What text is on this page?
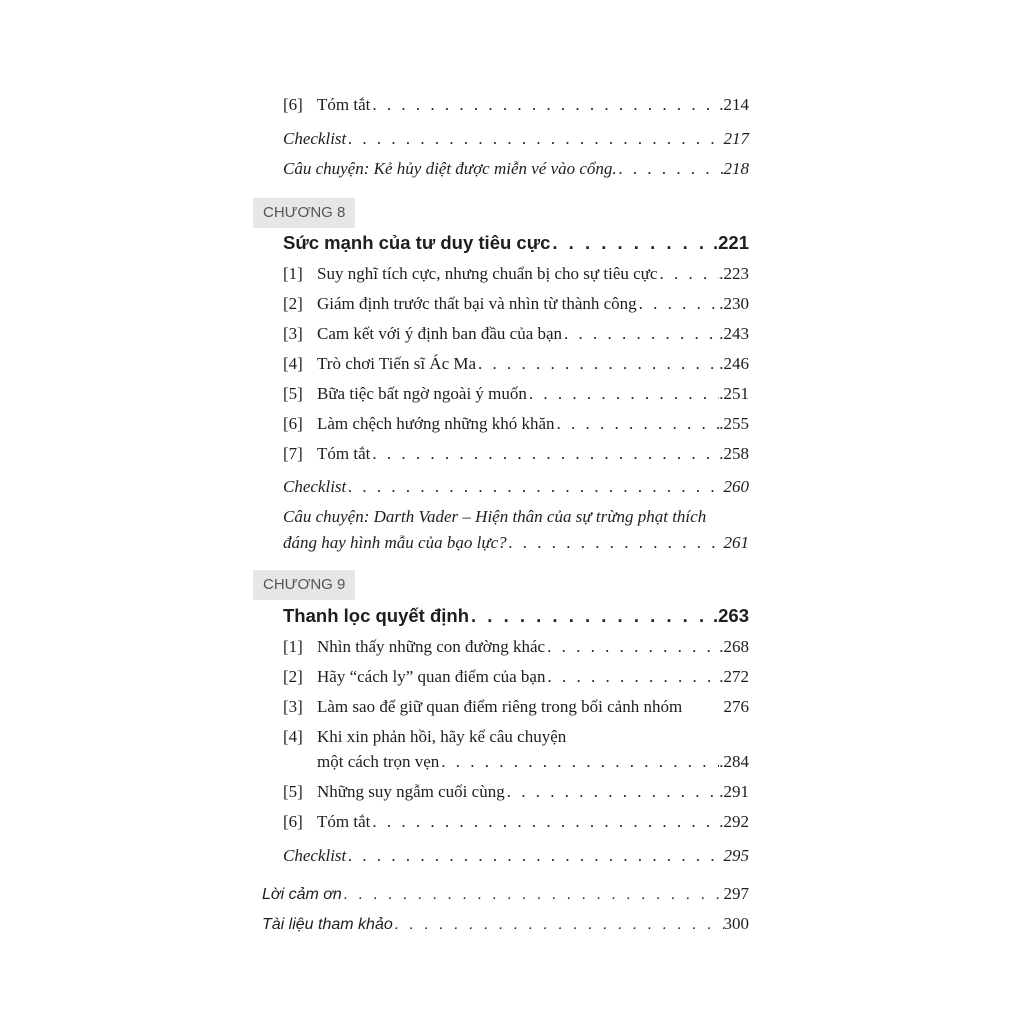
[6] Tóm tắt . . .	.214
Checklist . . .	217
Câu chuyện: Kẻ hủy diệt được miễn vé vào cổng. . . .	218
CHƯƠNG 8
Sức mạnh của tư duy tiêu cực . . .	.221
[1] Suy nghĩ tích cực, nhưng chuẩn bị cho sự tiêu cực . . .	.223
[2] Giám định trước thất bại và nhìn từ thành công . . .	.230
[3] Cam kết với ý định ban đầu của bạn . . .	.243
[4] Trò chơi Tiến sĩ Ác Ma . . .	.246
[5] Bữa tiệc bất ngờ ngoài ý muốn . . .	.251
[6] Làm chệch hướng những khó khăn . . .	.255
[7] Tóm tắt . . .	.258
Checklist . . .	260
Câu chuyện: Darth Vader – Hiện thân của sự trừng phạt thích
đáng hay hình mẫu của bạo lực? . . .	261
CHƯƠNG 9
Thanh lọc quyết định . . .	.263
[1] Nhìn thấy những con đường khác . . .	.268
[2] Hãy “cách ly” quan điểm của bạn . . .	.272
[3] Làm sao để giữ quan điểm riêng trong bối cảnh nhóm 276
[4] Khi xin phản hồi, hãy kể câu chuyện
một cách trọn vẹn . . .	.284
[5] Những suy ngẫm cuối cùng . . .	.291
[6] Tóm tắt . . .	.292
Checklist . . .	295
Lời cảm ơn . . .	297
Tài liệu tham khảo . . .	300
